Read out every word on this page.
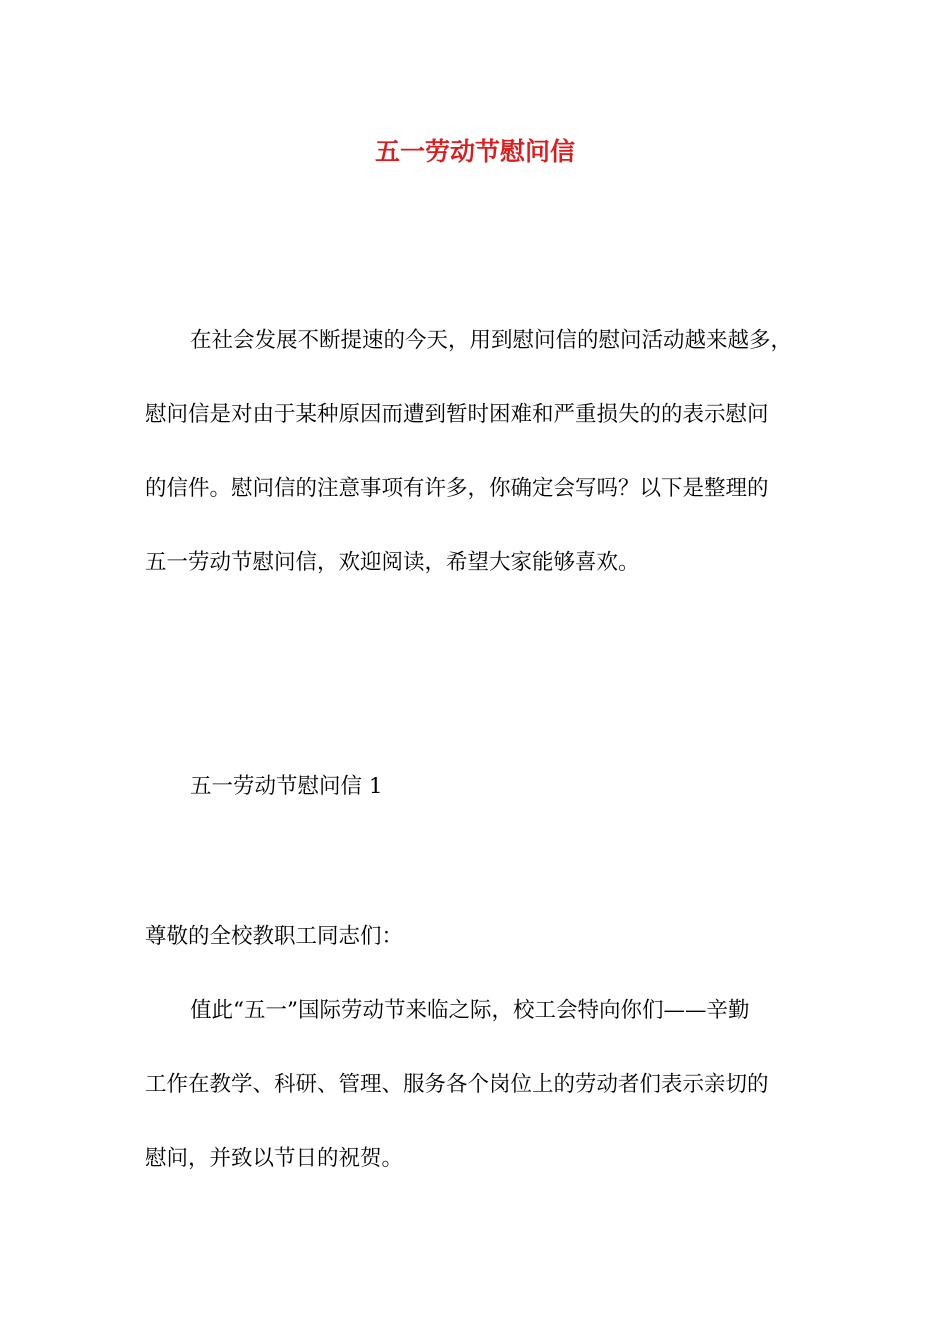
五一劳动节慰问信

在社会发展不断提速的今天，用到慰问信的慰问活动越来越多，

慰问信是对由于某种原因而遭到暂时困难和严重损失的的表示慰问

的信件。慰问信的注意事项有许多，你确定会写吗？以下是整理的

五一劳动节慰问信，欢迎阅读，希望大家能够喜欢。

五一劳动节慰问信 1

尊敬的全校教职工同志们：

值此“五一”国际劳动节来临之际，校工会特向你们——辛勤

工作在教学、科研、管理、服务各个岗位上的劳动者们表示亲切的

慰问，并致以节日的祝贺。
